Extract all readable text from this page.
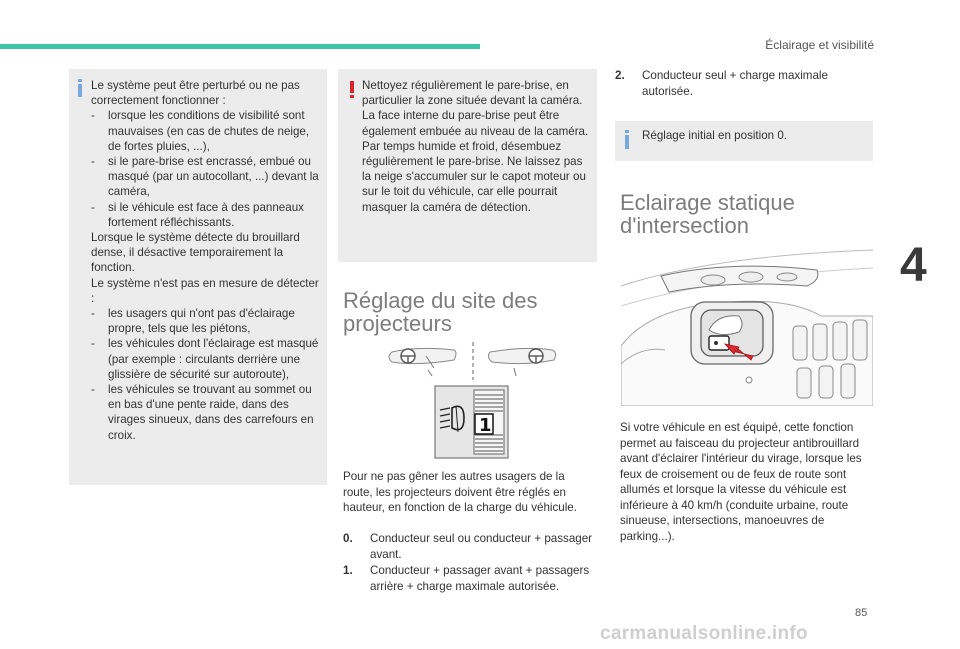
Éclairage et visibilité
4
Le système peut être perturbé ou ne pas correctement fonctionner :
- lorsque les conditions de visibilité sont mauvaises (en cas de chutes de neige, de fortes pluies, ...),
- si le pare-brise est encrassé, embué ou masqué (par un autocollant, ...) devant la caméra,
- si le véhicule est face à des panneaux fortement réfléchissants.
Lorsque le système détecte du brouillard dense, il désactive temporairement la fonction.
Le système n'est pas en mesure de détecter :
- les usagers qui n'ont pas d'éclairage propre, tels que les piétons,
- les véhicules dont l'éclairage est masqué (par exemple : circulants derrière une glissière de sécurité sur autoroute),
- les véhicules se trouvant au sommet ou en bas d'une pente raide, dans des virages sinueux, dans des carrefours en croix.
Nettoyez régulièrement le pare-brise, en particulier la zone située devant la caméra.
La face interne du pare-brise peut être également embuée au niveau de la caméra. Par temps humide et froid, désembuez régulièrement le pare-brise. Ne laissez pas la neige s'accumuler sur le capot moteur ou sur le toit du véhicule, car elle pourrait masquer la caméra de détection.
Réglage du site des
projecteurs
1
Pour ne pas gêner les autres usagers de la route, les projecteurs doivent être réglés en hauteur, en fonction de la charge du véhicule.
0. Conducteur seul ou conducteur + passager avant.
1. Conducteur + passager avant + passagers arrière + charge maximale autorisée.
2. Conducteur seul + charge maximale autorisée.
Réglage initial en position 0.
Eclairage statique
d'intersection
Si votre véhicule en est équipé, cette fonction permet au faisceau du projecteur antibrouillard avant d'éclairer l'intérieur du virage, lorsque les feux de croisement ou de feux de route sont allumés et lorsque la vitesse du véhicule est inférieure à 40 km/h (conduite urbaine, route sinueuse, intersections, manoeuvres de parking...).
85
carmanualsonline.info
